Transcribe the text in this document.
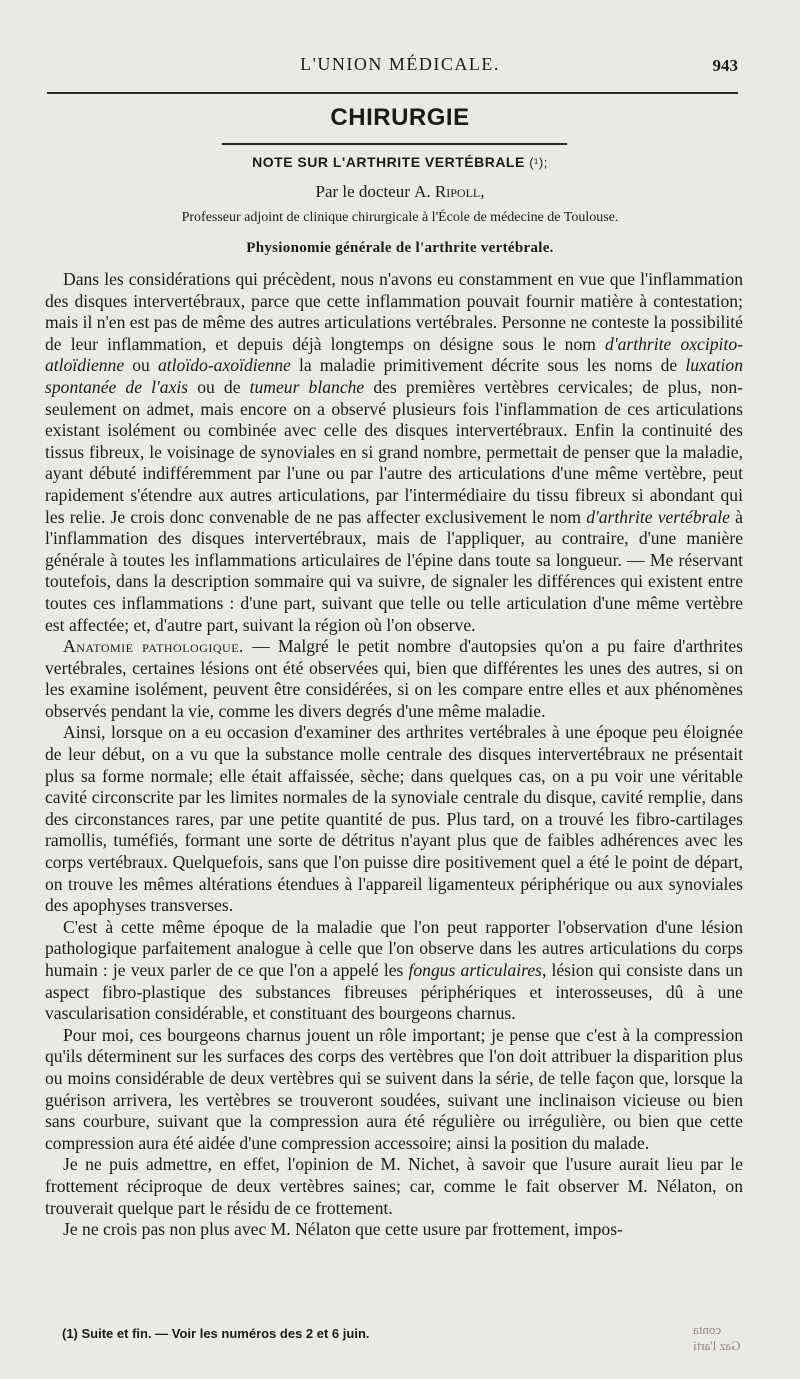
L'UNION MÉDICALE.	943
CHIRURGIE
NOTE SUR L'ARTHRITE VERTÉBRALE (¹);
Par le docteur A. Ripoll,
Professeur adjoint de clinique chirurgicale à l'École de médecine de Toulouse.
Physionomie générale de l'arthrite vertébrale.

Dans les considérations qui précèdent, nous n'avons eu constamment en vue que l'inflammation des disques intervertébraux, parce que cette inflammation pouvait fournir matière à contestation; mais il n'en est pas de même des autres articulations vertébrales. Personne ne conteste la possibilité de leur inflammation, et depuis déjà longtemps on désigne sous le nom d'arthrite oxcipito-atloïdienne ou atloïdo-axoïdienne la maladie primitivement décrite sous les noms de luxation spontanée de l'axis ou de tumeur blanche des premières vertèbres cervicales; de plus, non-seulement on admet, mais encore on a observé plusieurs fois l'inflammation de ces articulations existant isolément ou combinée avec celle des disques intervertébraux. Enfin la continuité des tissus fibreux, le voisinage de synoviales en si grand nombre, permettait de penser que la maladie, ayant débuté indifféremment par l'une ou par l'autre des articulations d'une même vertèbre, peut rapidement s'étendre aux autres articulations, par l'intermédiaire du tissu fibreux si abondant qui les relie. Je crois donc convenable de ne pas affecter exclusivement le nom d'arthrite vertébrale à l'inflammation des disques intervertébraux, mais de l'appliquer, au contraire, d'une manière générale à toutes les inflammations articulaires de l'épine dans toute sa longueur. — Me réservant toutefois, dans la description sommaire qui va suivre, de signaler les différences qui existent entre toutes ces inflammations : d'une part, suivant que telle ou telle articulation d'une même vertèbre est affectée; et, d'autre part, suivant la région où l'on observe.

Anatomie pathologique. — Malgré le petit nombre d'autopsies qu'on a pu faire d'arthrites vertébrales, certaines lésions ont été observées qui, bien que différentes les unes des autres, si on les examine isolément, peuvent être considérées, si on les compare entre elles et aux phénomènes observés pendant la vie, comme les divers degrés d'une même maladie.

Ainsi, lorsque on a eu occasion d'examiner des arthrites vertébrales à une époque peu éloignée de leur début, on a vu que la substance molle centrale des disques intervertébraux ne présentait plus sa forme normale; elle était affaissée, sèche; dans quelques cas, on a pu voir une véritable cavité circonscrite par les limites normales de la synoviale centrale du disque, cavité remplie, dans des circonstances rares, par une petite quantité de pus. Plus tard, on a trouvé les fibro-cartilages ramollis, tuméfiés, formant une sorte de détritus n'ayant plus que de faibles adhérences avec les corps vertébraux. Quelquefois, sans que l'on puisse dire positivement quel a été le point de départ, on trouve les mêmes altérations étendues à l'appareil ligamenteux périphérique ou aux synoviales des apophyses transverses.

C'est à cette même époque de la maladie que l'on peut rapporter l'observation d'une lésion pathologique parfaitement analogue à celle que l'on observe dans les autres articulations du corps humain : je veux parler de ce que l'on a appelé les fongus articulaires, lésion qui consiste dans un aspect fibro-plastique des substances fibreuses périphériques et interosseuses, dû à une vascularisation considérable, et constituant des bourgeons charnus.

Pour moi, ces bourgeons charnus jouent un rôle important; je pense que c'est à la compression qu'ils déterminent sur les surfaces des corps des vertèbres que l'on doit attribuer la disparition plus ou moins considérable de deux vertèbres qui se suivent dans la série, de telle façon que, lorsque la guérison arrivera, les vertèbres se trouveront soudées, suivant une inclinaison vicieuse ou bien sans courbure, suivant que la compression aura été régulière ou irrégulière, ou bien que cette compression aura été aidée d'une compression accessoire; ainsi la position du malade.

Je ne puis admettre, en effet, l'opinion de M. Nichet, à savoir que l'usure aurait lieu par le frottement réciproque de deux vertèbres saines; car, comme le fait observer M. Nélaton, on trouverait quelque part le résidu de ce frottement.

Je ne crois pas non plus avec M. Nélaton que cette usure par frottement, impos-

(1) Suite et fin. — Voir les numéros des 2 et 6 juin.	conta
Gaz l'arti
